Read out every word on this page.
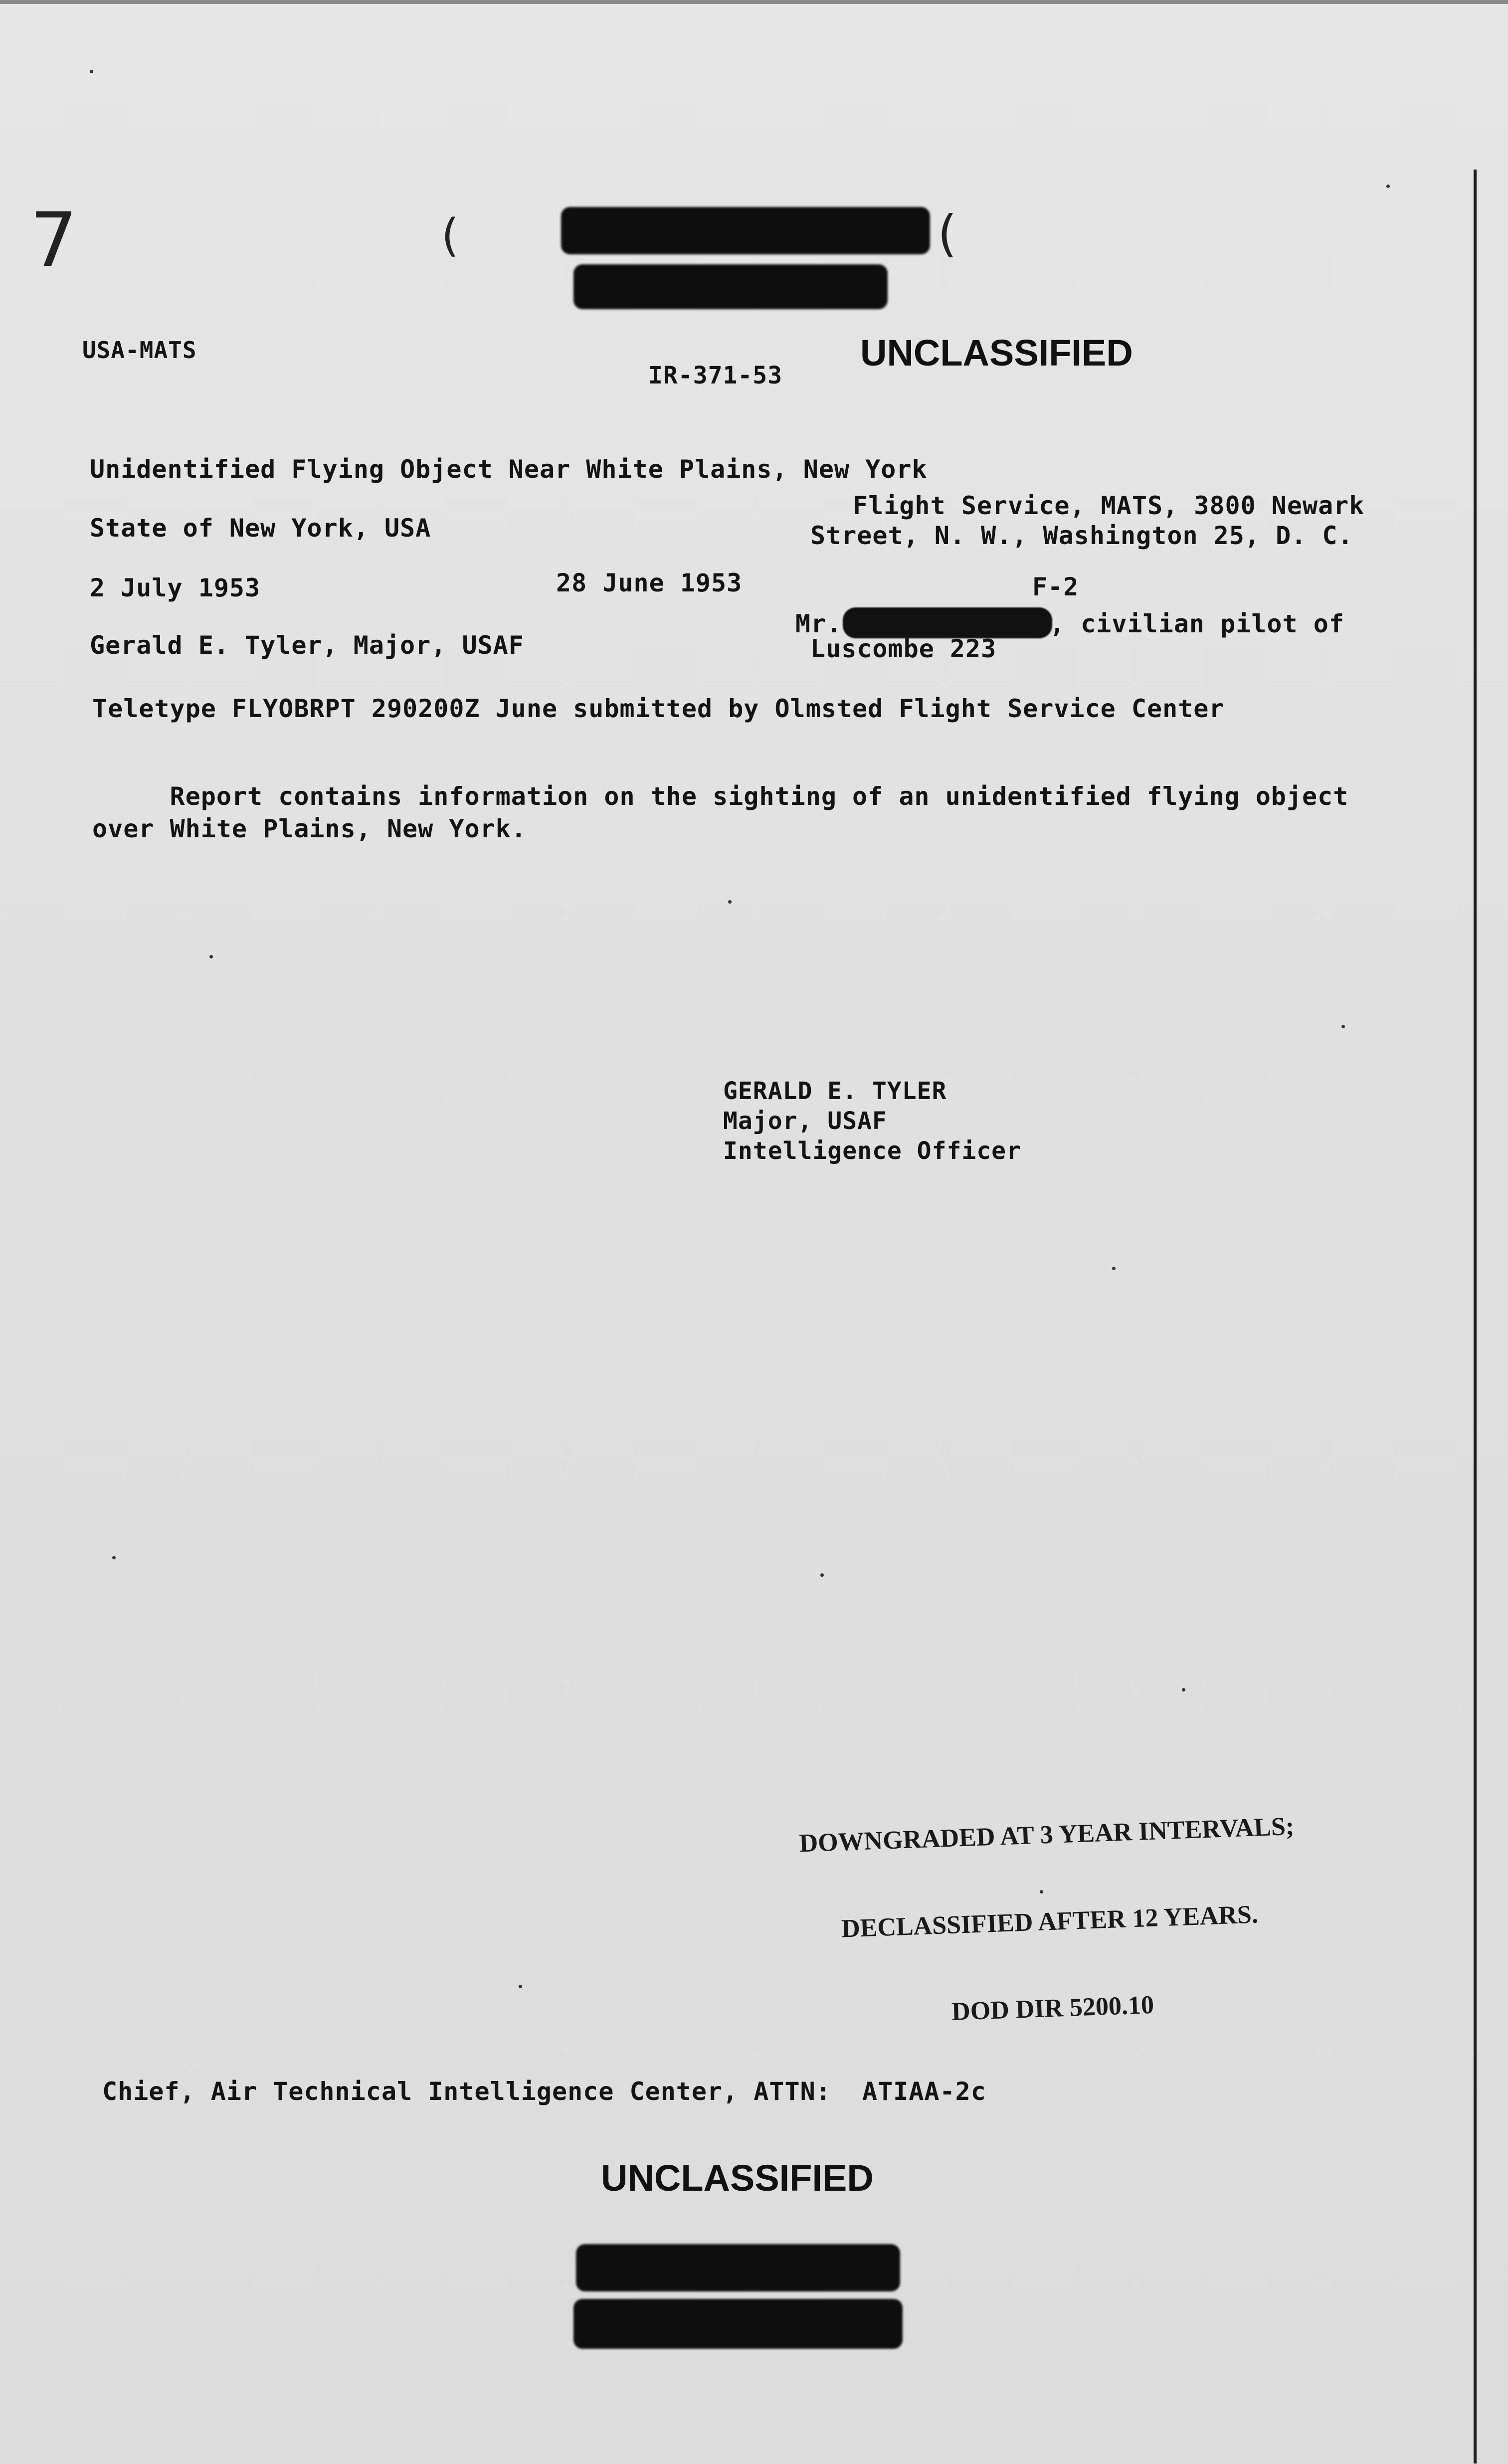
7	(	(
USA-MATS
IR-371-53
UNCLASSIFIED
Unidentified Flying Object Near White Plains, New York
State of New York, USA
Flight Service, MATS, 3800 Newark
Street, N. W., Washington 25, D. C.
2 July 1953	28 June 1953	F-2
Gerald E. Tyler, Major, USAF
Mr.	, civilian pilot of
Luscombe 223
Teletype FLYOBRPT 290200Z June submitted by Olmsted Flight Service Center
Report contains information on the sighting of an unidentified flying object
over White Plains, New York.
GERALD E. TYLER
Major, USAF
Intelligence Officer

DOWNGRADED AT 3 YEAR INTERVALS;

DECLASSIFIED AFTER 12 YEARS.

DOD DIR 5200.10

Chief, Air Technical Intelligence Center, ATTN:  ATIAA-2c
UNCLASSIFIED
